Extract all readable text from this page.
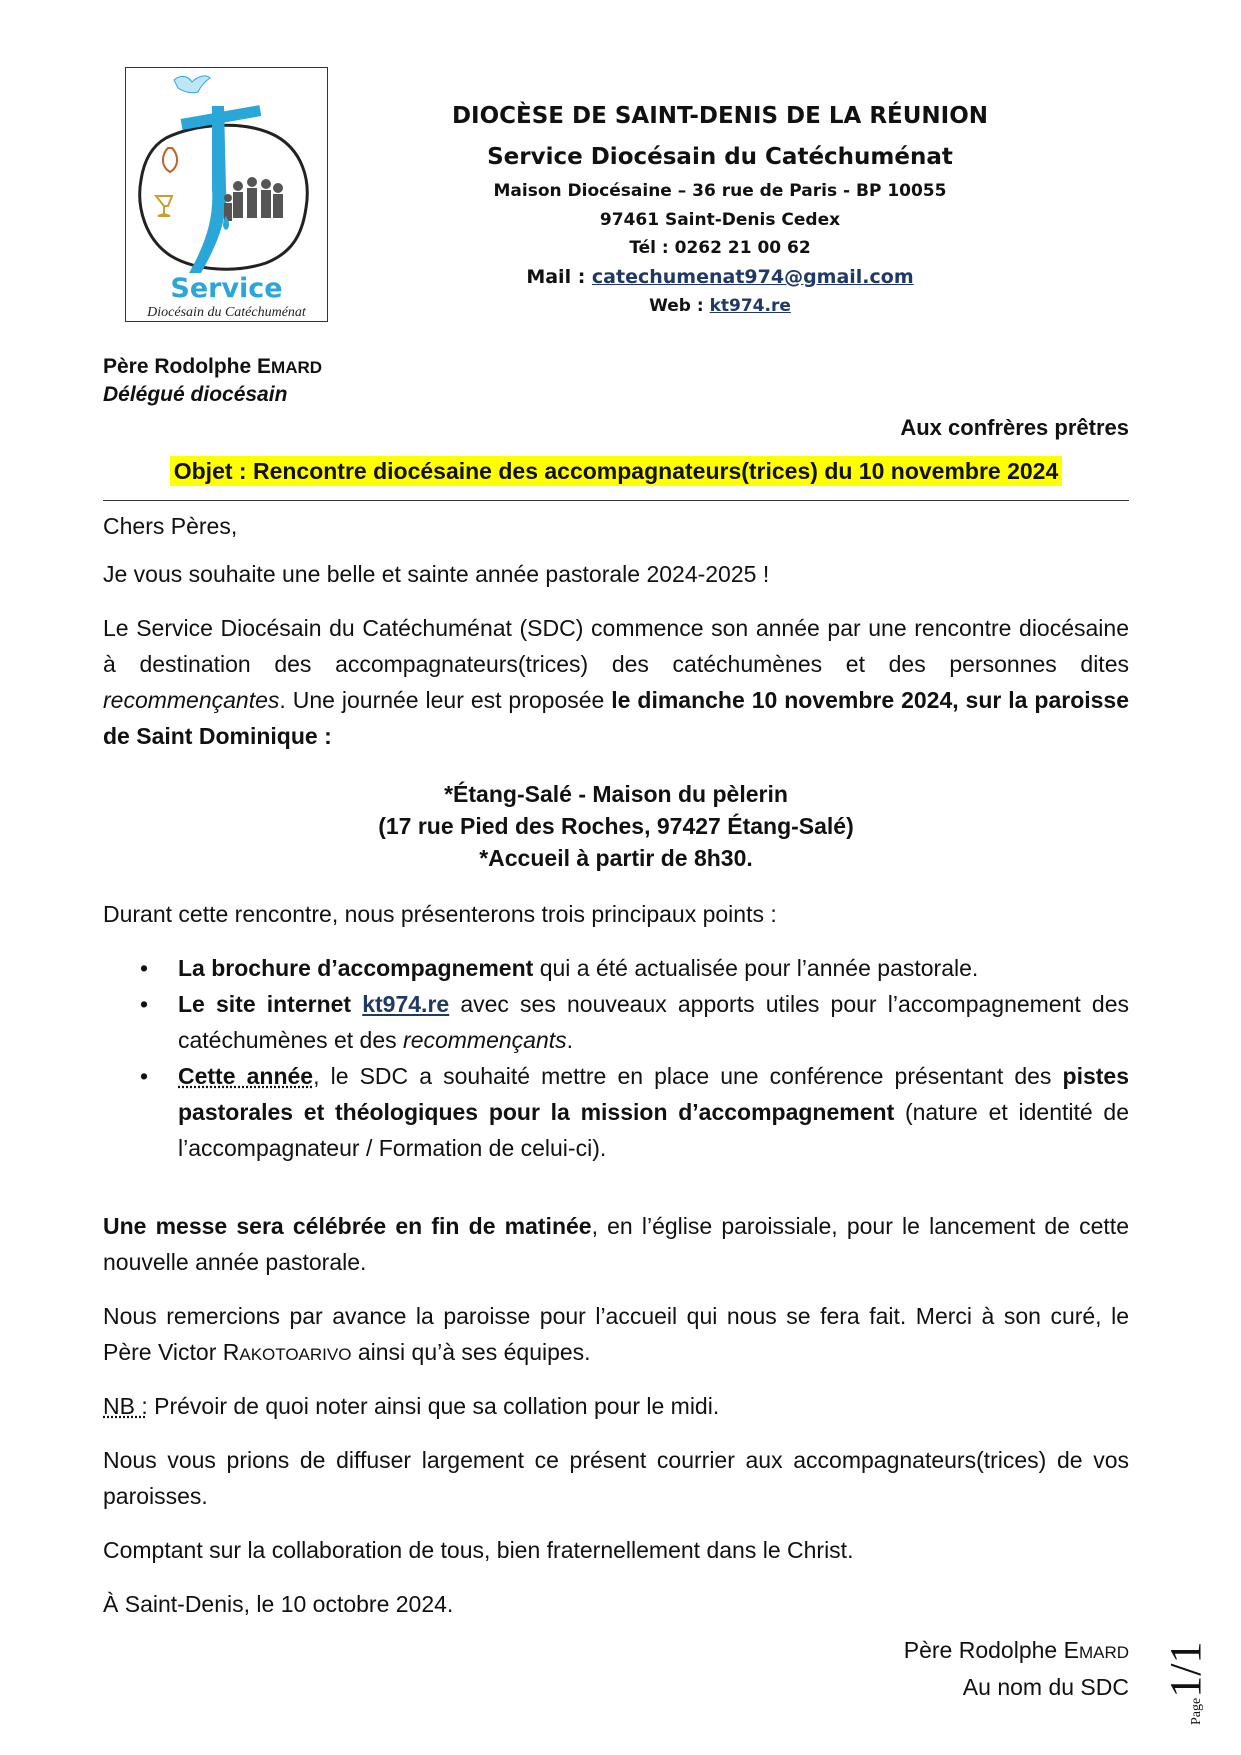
Service
Diocésain du Catéchuménat
DIOCÈSE DE SAINT-DENIS DE LA RÉUNION
Service Diocésain du Catéchuménat
Maison Diocésaine – 36 rue de Paris - BP 10055
97461 Saint-Denis Cedex
Tél : 0262 21 00 62
Mail : catechumenat974@gmail.com
Web : kt974.re
Père Rodolphe EMARD
Délégué diocésain
Aux confrères prêtres
Objet : Rencontre diocésaine des accompagnateurs(trices) du 10 novembre 2024

Chers Pères,

Je vous souhaite une belle et sainte année pastorale 2024-2025 !

Le Service Diocésain du Catéchuménat (SDC) commence son année par une rencontre diocésaine à destination des accompagnateurs(trices) des catéchumènes et des personnes dites recommençantes. Une journée leur est proposée le dimanche 10 novembre 2024, sur la paroisse de Saint Dominique :

*Étang-Salé - Maison du pèlerin

(17 rue Pied des Roches, 97427 Étang-Salé)

*Accueil à partir de 8h30.

Durant cette rencontre, nous présenterons trois principaux points :

• La brochure d’accompagnement qui a été actualisée pour l’année pastorale.
• Le site internet kt974.re avec ses nouveaux apports utiles pour l’accompagnement des catéchumènes et des recommençants.
• Cette année, le SDC a souhaité mettre en place une conférence présentant des pistes pastorales et théologiques pour la mission d’accompagnement (nature et identité de l’accompagnateur / Formation de celui-ci).

Une messe sera célébrée en fin de matinée, en l’église paroissiale, pour le lancement de cette nouvelle année pastorale.

Nous remercions par avance la paroisse pour l’accueil qui nous se fera fait. Merci à son curé, le Père Victor RAKOTOARIVO ainsi qu’à ses équipes.

NB : Prévoir de quoi noter ainsi que sa collation pour le midi.

Nous vous prions de diffuser largement ce présent courrier aux accompagnateurs(trices) de vos paroisses.

Comptant sur la collaboration de tous, bien fraternellement dans le Christ.

À Saint-Denis, le 10 octobre 2024.

Père Rodolphe EMARD
Au nom du SDC
Page1/1
